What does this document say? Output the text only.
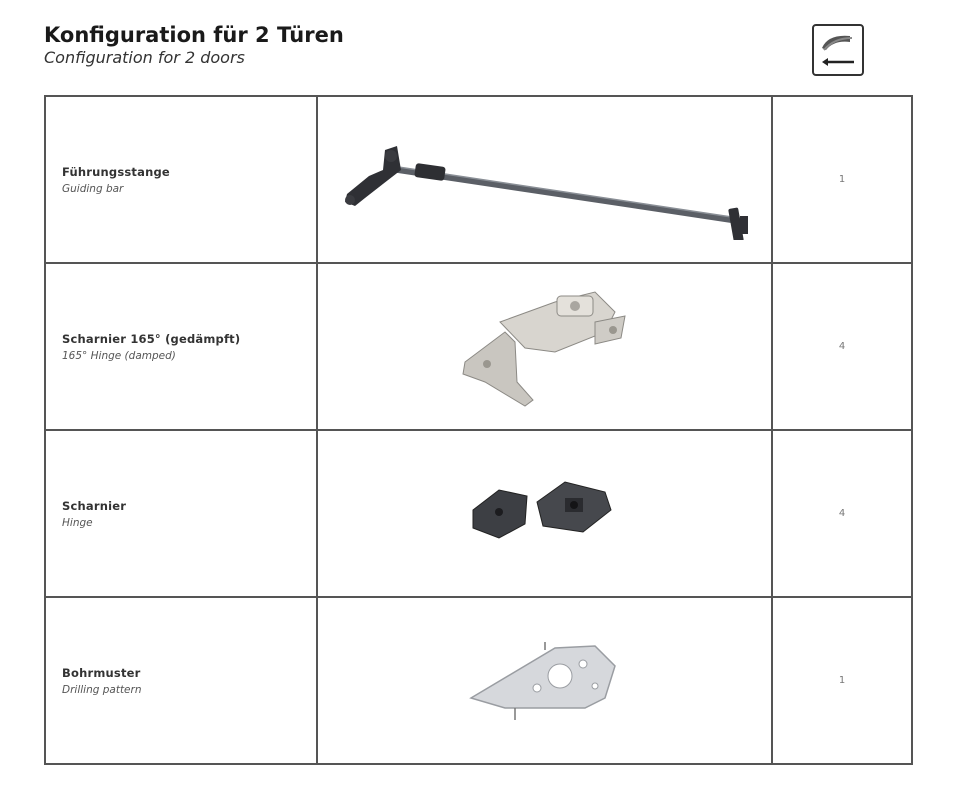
Konfiguration für 2 Türen
Configuration for 2 doors
Führungsstange
Guiding bar		1

Scharnier 165° (gedämpft)
165° Hinge (damped)		4

Scharnier
Hinge		4

Bohrmuster
Drilling pattern		1
